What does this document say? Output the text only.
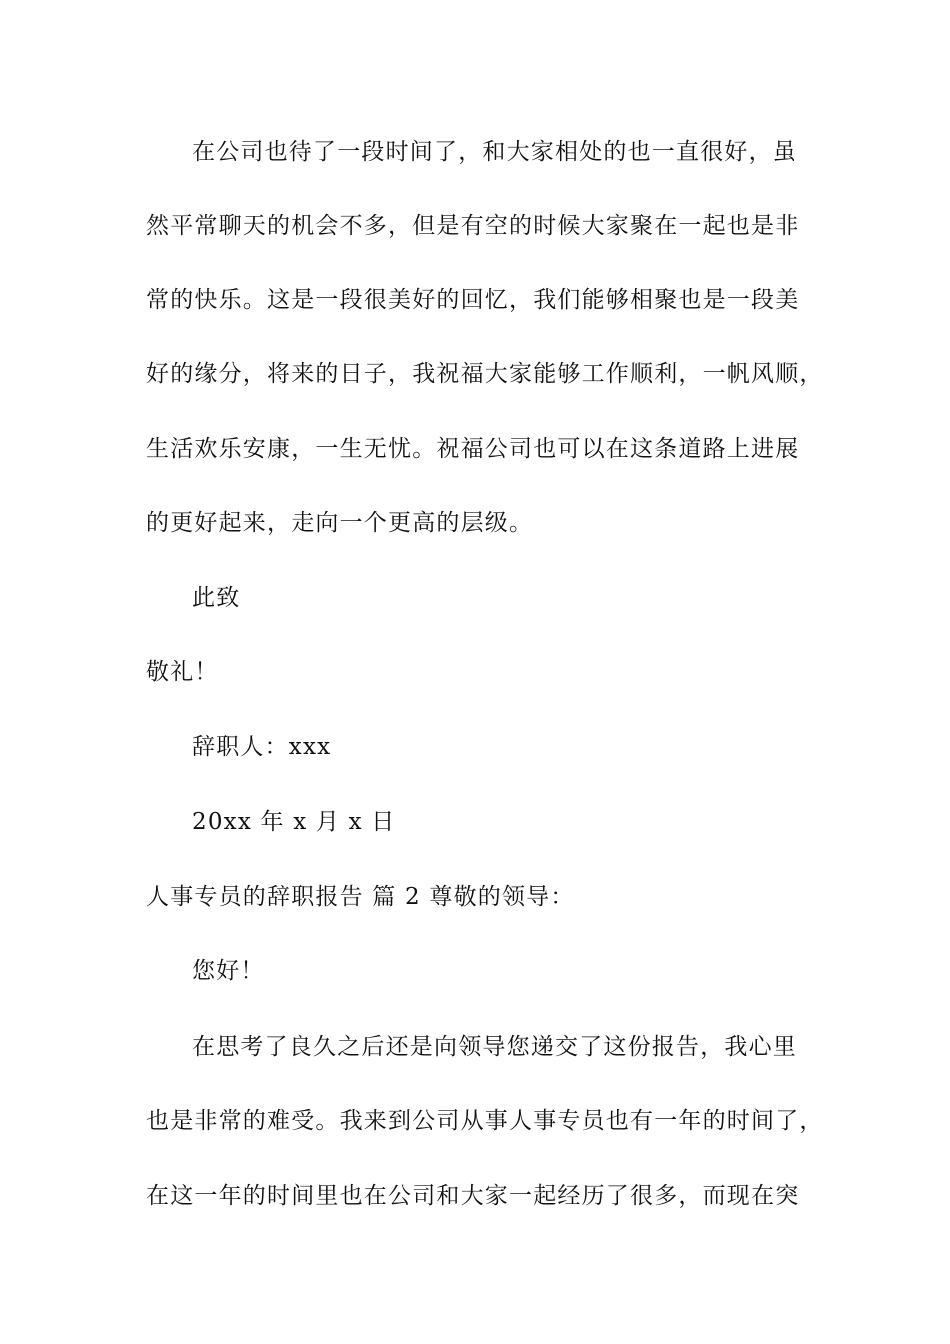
在公司也待了一段时间了，和大家相处的也一直很好，虽
然平常聊天的机会不多，但是有空的时候大家聚在一起也是非
常的快乐。这是一段很美好的回忆，我们能够相聚也是一段美
好的缘分，将来的日子，我祝福大家能够工作顺利，一帆风顺，
生活欢乐安康，一生无忧。祝福公司也可以在这条道路上进展
的更好起来，走向一个更高的层级。
此致
敬礼！
辞职人：xxx
20xx 年 x 月 x 日
人事专员的辞职报告 篇 2 尊敬的领导：
您好！
在思考了良久之后还是向领导您递交了这份报告，我心里
也是非常的难受。我来到公司从事人事专员也有一年的时间了，
在这一年的时间里也在公司和大家一起经历了很多，而现在突
